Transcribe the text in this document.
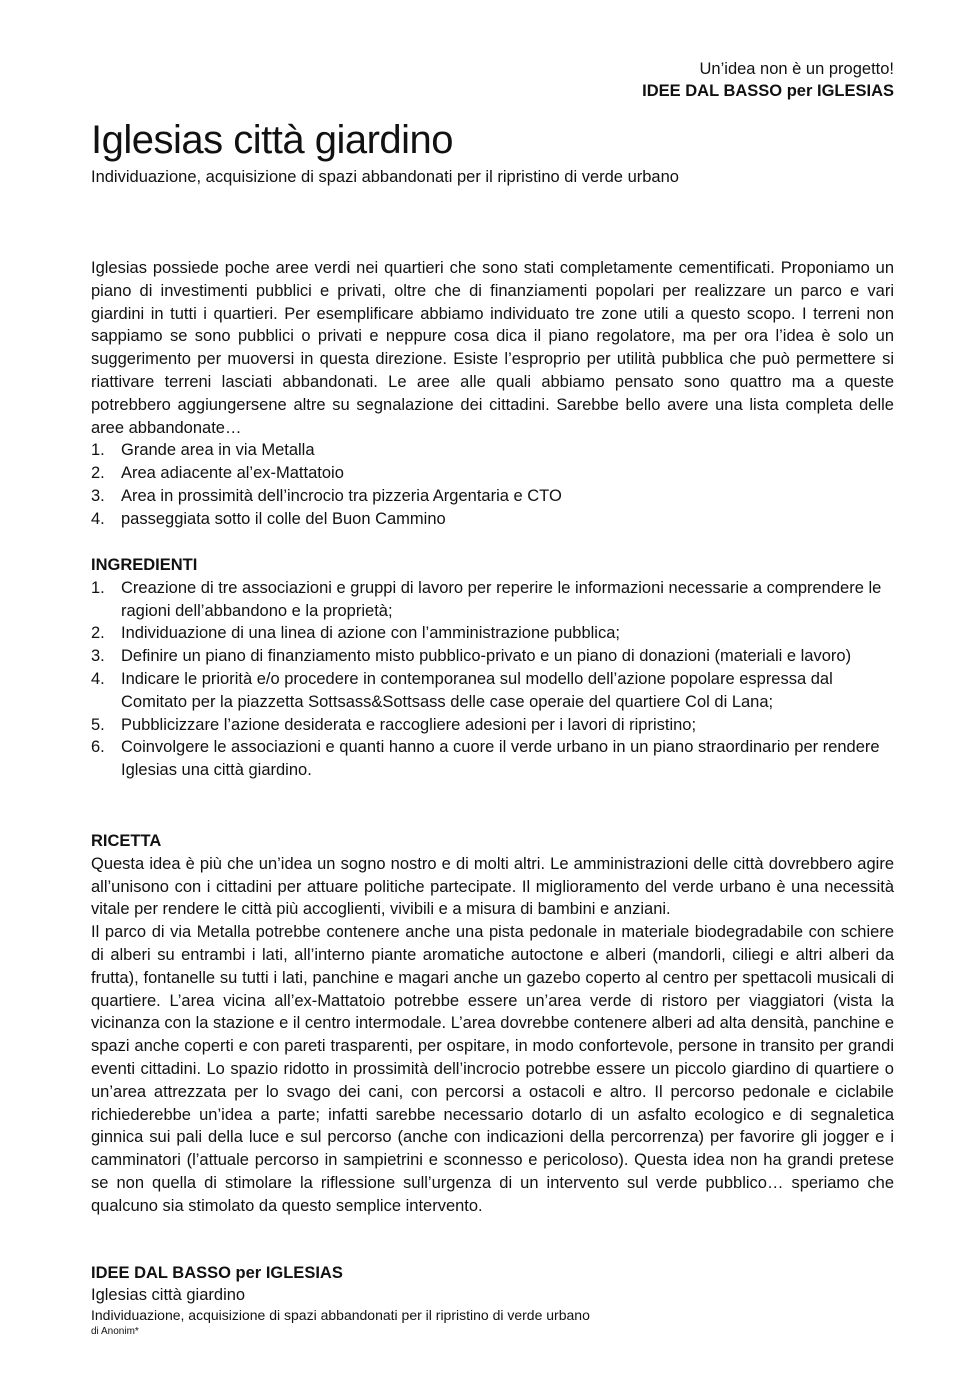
Un’idea non è un progetto!
IDEE DAL BASSO per IGLESIAS
Iglesias città giardino
Individuazione, acquisizione di spazi abbandonati per il ripristino di verde urbano

Iglesias possiede poche aree verdi nei quartieri che sono stati completamente cementificati. Proponiamo un piano di investimenti pubblici e privati, oltre che di finanziamenti popolari per realizzare un parco e vari giardini in tutti i quartieri. Per esemplificare abbiamo individuato tre zone utili a questo scopo. I terreni non sappiamo se sono pubblici o privati e neppure cosa dica il piano regolatore, ma per ora l’idea è solo un suggerimento per muoversi in questa direzione. Esiste l’esproprio per utilità pubblica che può permettere si riattivare terreni lasciati abbandonati. Le aree alle quali abbiamo pensato sono quattro ma a queste potrebbero aggiungersene altre su segnalazione dei cittadini. Sarebbe bello avere una lista completa delle aree abbandonate…

1. Grande area in via Metalla
2. Area adiacente al’ex-Mattatoio
3. Area in prossimità dell’incrocio tra pizzeria Argentaria e CTO
4. passeggiata sotto il colle del Buon Cammino

INGREDIENTI

1. Creazione di tre associazioni e gruppi di lavoro per reperire le informazioni necessarie a comprendere le ragioni dell’abbandono e la proprietà;
2. Individuazione di una linea di azione con l’amministrazione pubblica;
3. Definire un piano di finanziamento misto pubblico-privato e un piano di donazioni (materiali e lavoro)
4. Indicare le priorità e/o procedere in contemporanea sul modello dell’azione popolare espressa dal Comitato per la piazzetta Sottsass&Sottsass delle case operaie del quartiere Col di Lana;
5. Pubblicizzare l’azione desiderata e raccogliere adesioni per i lavori di ripristino;
6. Coinvolgere le associazioni e quanti hanno a cuore il verde urbano in un piano straordinario per rendere Iglesias una città giardino.

RICETTA

Questa idea è più che un’idea un sogno nostro e di molti altri. Le amministrazioni delle città dovrebbero agire all’unisono con i cittadini per attuare politiche partecipate. Il miglioramento del verde urbano è una necessità vitale per rendere le città più accoglienti, vivibili e a misura di bambini e anziani.

Il parco di via Metalla potrebbe contenere anche una pista pedonale in materiale biodegradabile con schiere di alberi su entrambi i lati, all’interno piante aromatiche autoctone e alberi (mandorli, ciliegi e altri alberi da frutta), fontanelle su tutti i lati, panchine e magari anche un gazebo coperto al centro per spettacoli musicali di quartiere. L’area vicina all’ex-Mattatoio potrebbe essere un’area verde di ristoro per viaggiatori (vista la vicinanza con la stazione e il centro intermodale. L’area dovrebbe contenere alberi ad alta densità, panchine e spazi anche coperti e con pareti trasparenti, per ospitare, in modo confortevole, persone in transito per grandi eventi cittadini. Lo spazio ridotto in prossimità dell’incrocio potrebbe essere un piccolo giardino di quartiere o un’area attrezzata per lo svago dei cani, con percorsi a ostacoli e altro. Il percorso pedonale e ciclabile richiederebbe un’idea a parte; infatti sarebbe necessario dotarlo di un asfalto ecologico e di segnaletica ginnica sui pali della luce e sul percorso (anche con indicazioni della percorrenza) per favorire gli jogger e i camminatori (l’attuale percorso in sampietrini e sconnesso e pericoloso). Questa idea non ha grandi pretese se non quella di stimolare la riflessione sull’urgenza di un intervento sul verde pubblico… speriamo che qualcuno sia stimolato da questo semplice intervento.

IDEE DAL BASSO per IGLESIAS
Iglesias città giardino
Individuazione, acquisizione di spazi abbandonati per il ripristino di verde urbano
di Anonim*
